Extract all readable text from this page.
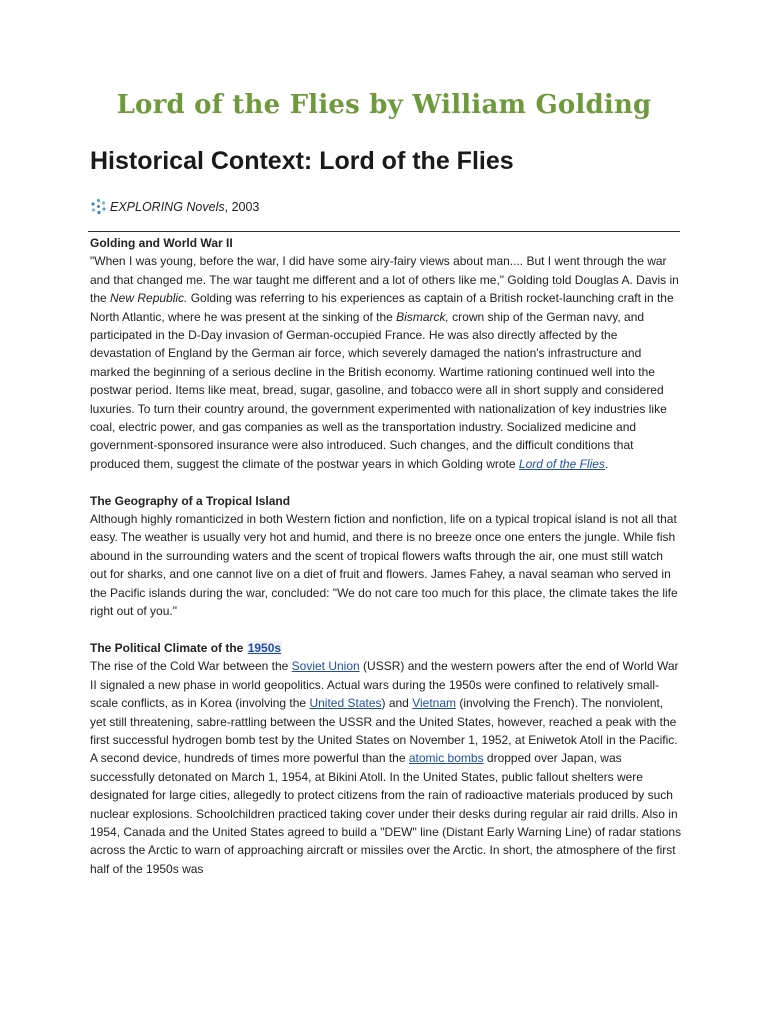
Lord of the Flies by William Golding
Historical Context: Lord of the Flies
EXPLORING Novels , 2003

Golding and World War II

"When I was young, before the war, I did have some airy-fairy views about man.... But I went through the war and that changed me. The war taught me different and a lot of others like me," Golding told Douglas A. Davis in the New Republic. Golding was referring to his experiences as captain of a British rocket-launching craft in the North Atlantic, where he was present at the sinking of the Bismarck, crown ship of the German navy, and participated in the D-Day invasion of German-occupied France. He was also directly affected by the devastation of England by the German air force, which severely damaged the nation's infrastructure and marked the beginning of a serious decline in the British economy. Wartime rationing continued well into the postwar period. Items like meat, bread, sugar, gasoline, and tobacco were all in short supply and considered luxuries. To turn their country around, the government experimented with nationalization of key industries like coal, electric power, and gas companies as well as the transportation industry. Socialized medicine and government-sponsored insurance were also introduced. Such changes, and the difficult conditions that produced them, suggest the climate of the postwar years in which Golding wrote Lord of the Flies.

The Geography of a Tropical Island

Although highly romanticized in both Western fiction and nonfiction, life on a typical tropical island is not all that easy. The weather is usually very hot and humid, and there is no breeze once one enters the jungle. While fish abound in the surrounding waters and the scent of tropical flowers wafts through the air, one must still watch out for sharks, and one cannot live on a diet of fruit and flowers. James Fahey, a naval seaman who served in the Pacific islands during the war, concluded: "We do not care too much for this place, the climate takes the life right out of you."

The Political Climate of the 1950s

The rise of the Cold War between the Soviet Union (USSR) and the western powers after the end of World War II signaled a new phase in world geopolitics. Actual wars during the 1950s were confined to relatively small-scale conflicts, as in Korea (involving the United States) and Vietnam (involving the French). The nonviolent, yet still threatening, sabre-rattling between the USSR and the United States, however, reached a peak with the first successful hydrogen bomb test by the United States on November 1, 1952, at Eniwetok Atoll in the Pacific. A second device, hundreds of times more powerful than the atomic bombs dropped over Japan, was successfully detonated on March 1, 1954, at Bikini Atoll. In the United States, public fallout shelters were designated for large cities, allegedly to protect citizens from the rain of radioactive materials produced by such nuclear explosions. Schoolchildren practiced taking cover under their desks during regular air raid drills. Also in 1954, Canada and the United States agreed to build a "DEW" line (Distant Early Warning Line) of radar stations across the Arctic to warn of approaching aircraft or missiles over the Arctic. In short, the atmosphere of the first half of the 1950s was
